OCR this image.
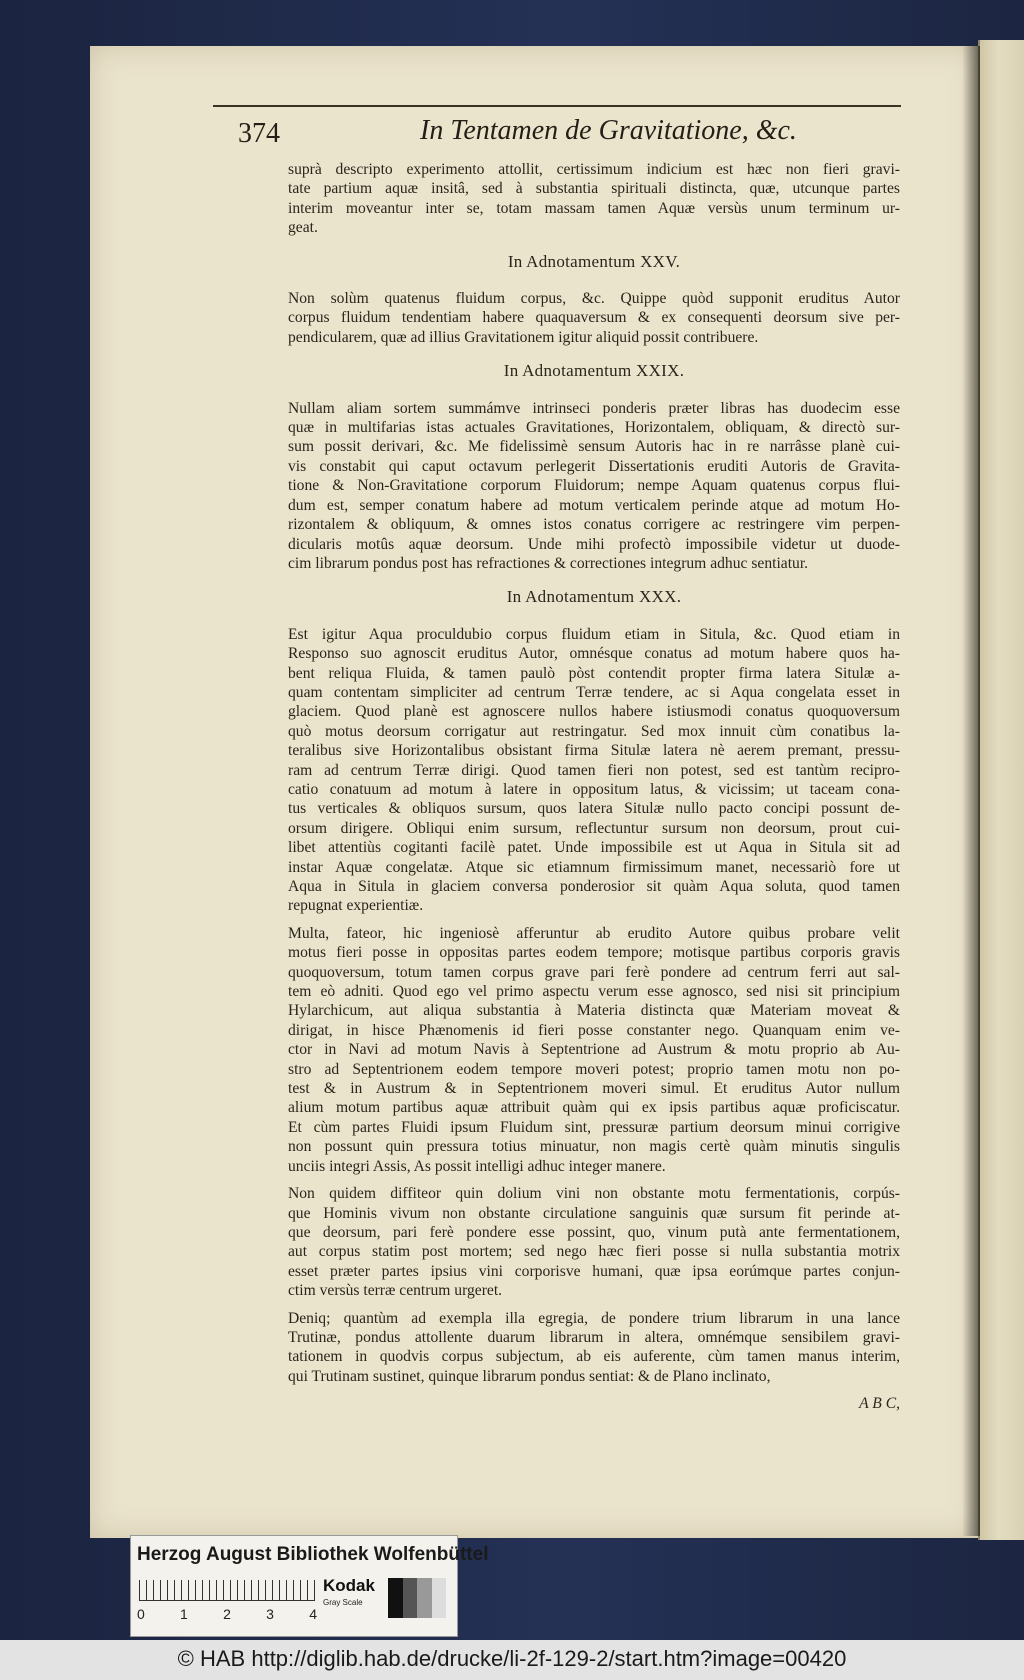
374	In Tentamen de Gravitatione, &c.
suprà descripto experimento attollit, certissimum indicium est hæc non fieri gravi-
tate partium aquæ insitâ, sed à substantia spirituali distincta, quæ, utcunque partes
interim moveantur inter se, totam massam tamen Aquæ versùs unum terminum ur-
geat.
In Adnotamentum XXV.
Non solùm quatenus fluidum corpus, &c. Quippe quòd supponit eruditus Autor
corpus fluidum tendentiam habere quaquaversum & ex consequenti deorsum sive per-
pendicularem, quæ ad illius Gravitationem igitur aliquid possit contribuere.
In Adnotamentum XXIX.
Nullam aliam sortem summámve intrinseci ponderis præter libras has duodecim esse
quæ in multifarias istas actuales Gravitationes, Horizontalem, obliquam, & directò sur-
sum possit derivari, &c. Me fidelissimè sensum Autoris hac in re narrâsse planè cui-
vis constabit qui caput octavum perlegerit Dissertationis eruditi Autoris de Gravita-
tione & Non-Gravitatione corporum Fluidorum; nempe Aquam quatenus corpus flui-
dum est, semper conatum habere ad motum verticalem perinde atque ad motum Ho-
rizontalem & obliquum, & omnes istos conatus corrigere ac restringere vim perpen-
dicularis motûs aquæ deorsum. Unde mihi profectò impossibile videtur ut duode-
cim librarum pondus post has refractiones & correctiones integrum adhuc sentiatur.
In Adnotamentum XXX.
Est igitur Aqua proculdubio corpus fluidum etiam in Situla, &c. Quod etiam in
Responso suo agnoscit eruditus Autor, omnésque conatus ad motum habere quos ha-
bent reliqua Fluida, & tamen paulò pòst contendit propter firma latera Situlæ a-
quam contentam simpliciter ad centrum Terræ tendere, ac si Aqua congelata esset in
glaciem. Quod planè est agnoscere nullos habere istiusmodi conatus quoquoversum
quò motus deorsum corrigatur aut restringatur. Sed mox innuit cùm conatibus la-
teralibus sive Horizontalibus obsistant firma Situlæ latera nè aerem premant, pressu-
ram ad centrum Terræ dirigi. Quod tamen fieri non potest, sed est tantùm recipro-
catio conatuum ad motum à latere in oppositum latus, & vicissim; ut taceam cona-
tus verticales & obliquos sursum, quos latera Situlæ nullo pacto concipi possunt de-
orsum dirigere. Obliqui enim sursum, reflectuntur sursum non deorsum, prout cui-
libet attentiùs cogitanti facilè patet. Unde impossibile est ut Aqua in Situla sit ad
instar Aquæ congelatæ. Atque sic etiamnum firmissimum manet, necessariò fore ut
Aqua in Situla in glaciem conversa ponderosior sit quàm Aqua soluta, quod tamen
repugnat experientiæ.
Multa, fateor, hic ingeniosè afferuntur ab erudito Autore quibus probare velit
motus fieri posse in oppositas partes eodem tempore; motisque partibus corporis gravis
quoquoversum, totum tamen corpus grave pari ferè pondere ad centrum ferri aut sal-
tem eò adniti. Quod ego vel primo aspectu verum esse agnosco, sed nisi sit principium
Hylarchicum, aut aliqua substantia à Materia distincta quæ Materiam moveat &
dirigat, in hisce Phænomenis id fieri posse constanter nego. Quanquam enim ve-
ctor in Navi ad motum Navis à Septentrione ad Austrum & motu proprio ab Au-
stro ad Septentrionem eodem tempore moveri potest; proprio tamen motu non po-
test & in Austrum & in Septentrionem moveri simul. Et eruditus Autor nullum
alium motum partibus aquæ attribuit quàm qui ex ipsis partibus aquæ proficiscatur.
Et cùm partes Fluidi ipsum Fluidum sint, pressuræ partium deorsum minui corrigive
non possunt quin pressura totius minuatur, non magis certè quàm minutis singulis
unciis integri Assis, As possit intelligi adhuc integer manere.
Non quidem diffiteor quin dolium vini non obstante motu fermentationis, corpús-
que Hominis vivum non obstante circulatione sanguinis quæ sursum fit perinde at-
que deorsum, pari ferè pondere esse possint, quo, vinum putà ante fermentationem,
aut corpus statim post mortem; sed nego hæc fieri posse si nulla substantia motrix
esset præter partes ipsius vini corporisve humani, quæ ipsa eorúmque partes conjun-
ctim versùs terræ centrum urgeret.
Deniq; quantùm ad exempla illa egregia, de pondere trium librarum in una lance
Trutinæ, pondus attollente duarum librarum in altera, omnémque sensibilem gravi-
tationem in quodvis corpus subjectum, ab eis auferente, cùm tamen manus interim,
qui Trutinam sustinet, quinque librarum pondus sentiat: & de Plano inclinato,
A B C,
Herzog August Bibliothek Wolfenbüttel
0	1	2	3	4
Kodak
Gray Scale
© HAB http://diglib.hab.de/drucke/li-2f-129-2/start.htm?image=00420
